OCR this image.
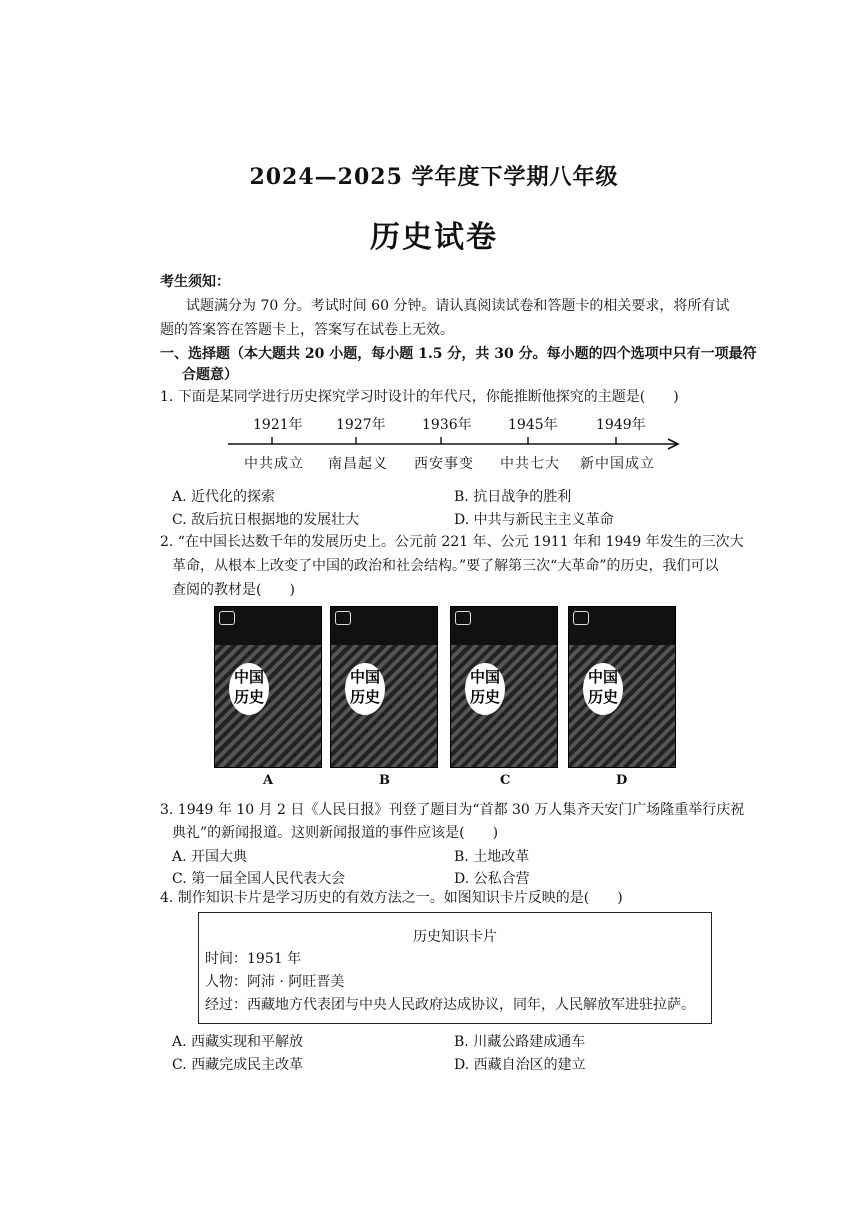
2024—2025 学年度下学期八年级
历史试卷
考生须知：
试题满分为 70 分。考试时间 60 分钟。请认真阅读试卷和答题卡的相关要求，将所有试
题的答案答在答题卡上，答案写在试卷上无效。
一、选择题（本大题共 20 小题，每小题 1.5 分，共 30 分。每小题的四个选项中只有一项最符
合题意）
1. 下面是某同学进行历史探究学习时设计的年代尺，你能推断他探究的主题是(　　)
1921年 1927年	1936年	1945年	1949年
中共成立 南昌起义 西安事变 中共七大 新中国成立
A. 近代化的探索	B. 抗日战争的胜利
C. 敌后抗日根据地的发展壮大	D. 中共与新民主主义革命
2. “在中国长达数千年的发展历史上。公元前 221 年、公元 1911 年和 1949 年发生的三次大
革命，从根本上改变了中国的政治和社会结构。”要了解第三次“大革命”的历史，我们可以
查阅的教材是(　　)
中国历史
中国历史
中国历史
中国历史
A	B	C	D
3. 1949 年 10 月 2 日《人民日报》刊登了题目为“首都 30 万人集齐天安门广场隆重举行庆祝
典礼”的新闻报道。这则新闻报道的事件应该是(　　)
A. 开国大典	B. 土地改革
C. 第一届全国人民代表大会	D. 公私合营
4. 制作知识卡片是学习历史的有效方法之一。如图知识卡片反映的是(　　)
历史知识卡片
时间：1951 年
人物：阿沛 · 阿旺晋美
经过：西藏地方代表团与中央人民政府达成协议，同年，人民解放军进驻拉萨。
A. 西藏实现和平解放	B. 川藏公路建成通车
C. 西藏完成民主改革	D. 西藏自治区的建立
